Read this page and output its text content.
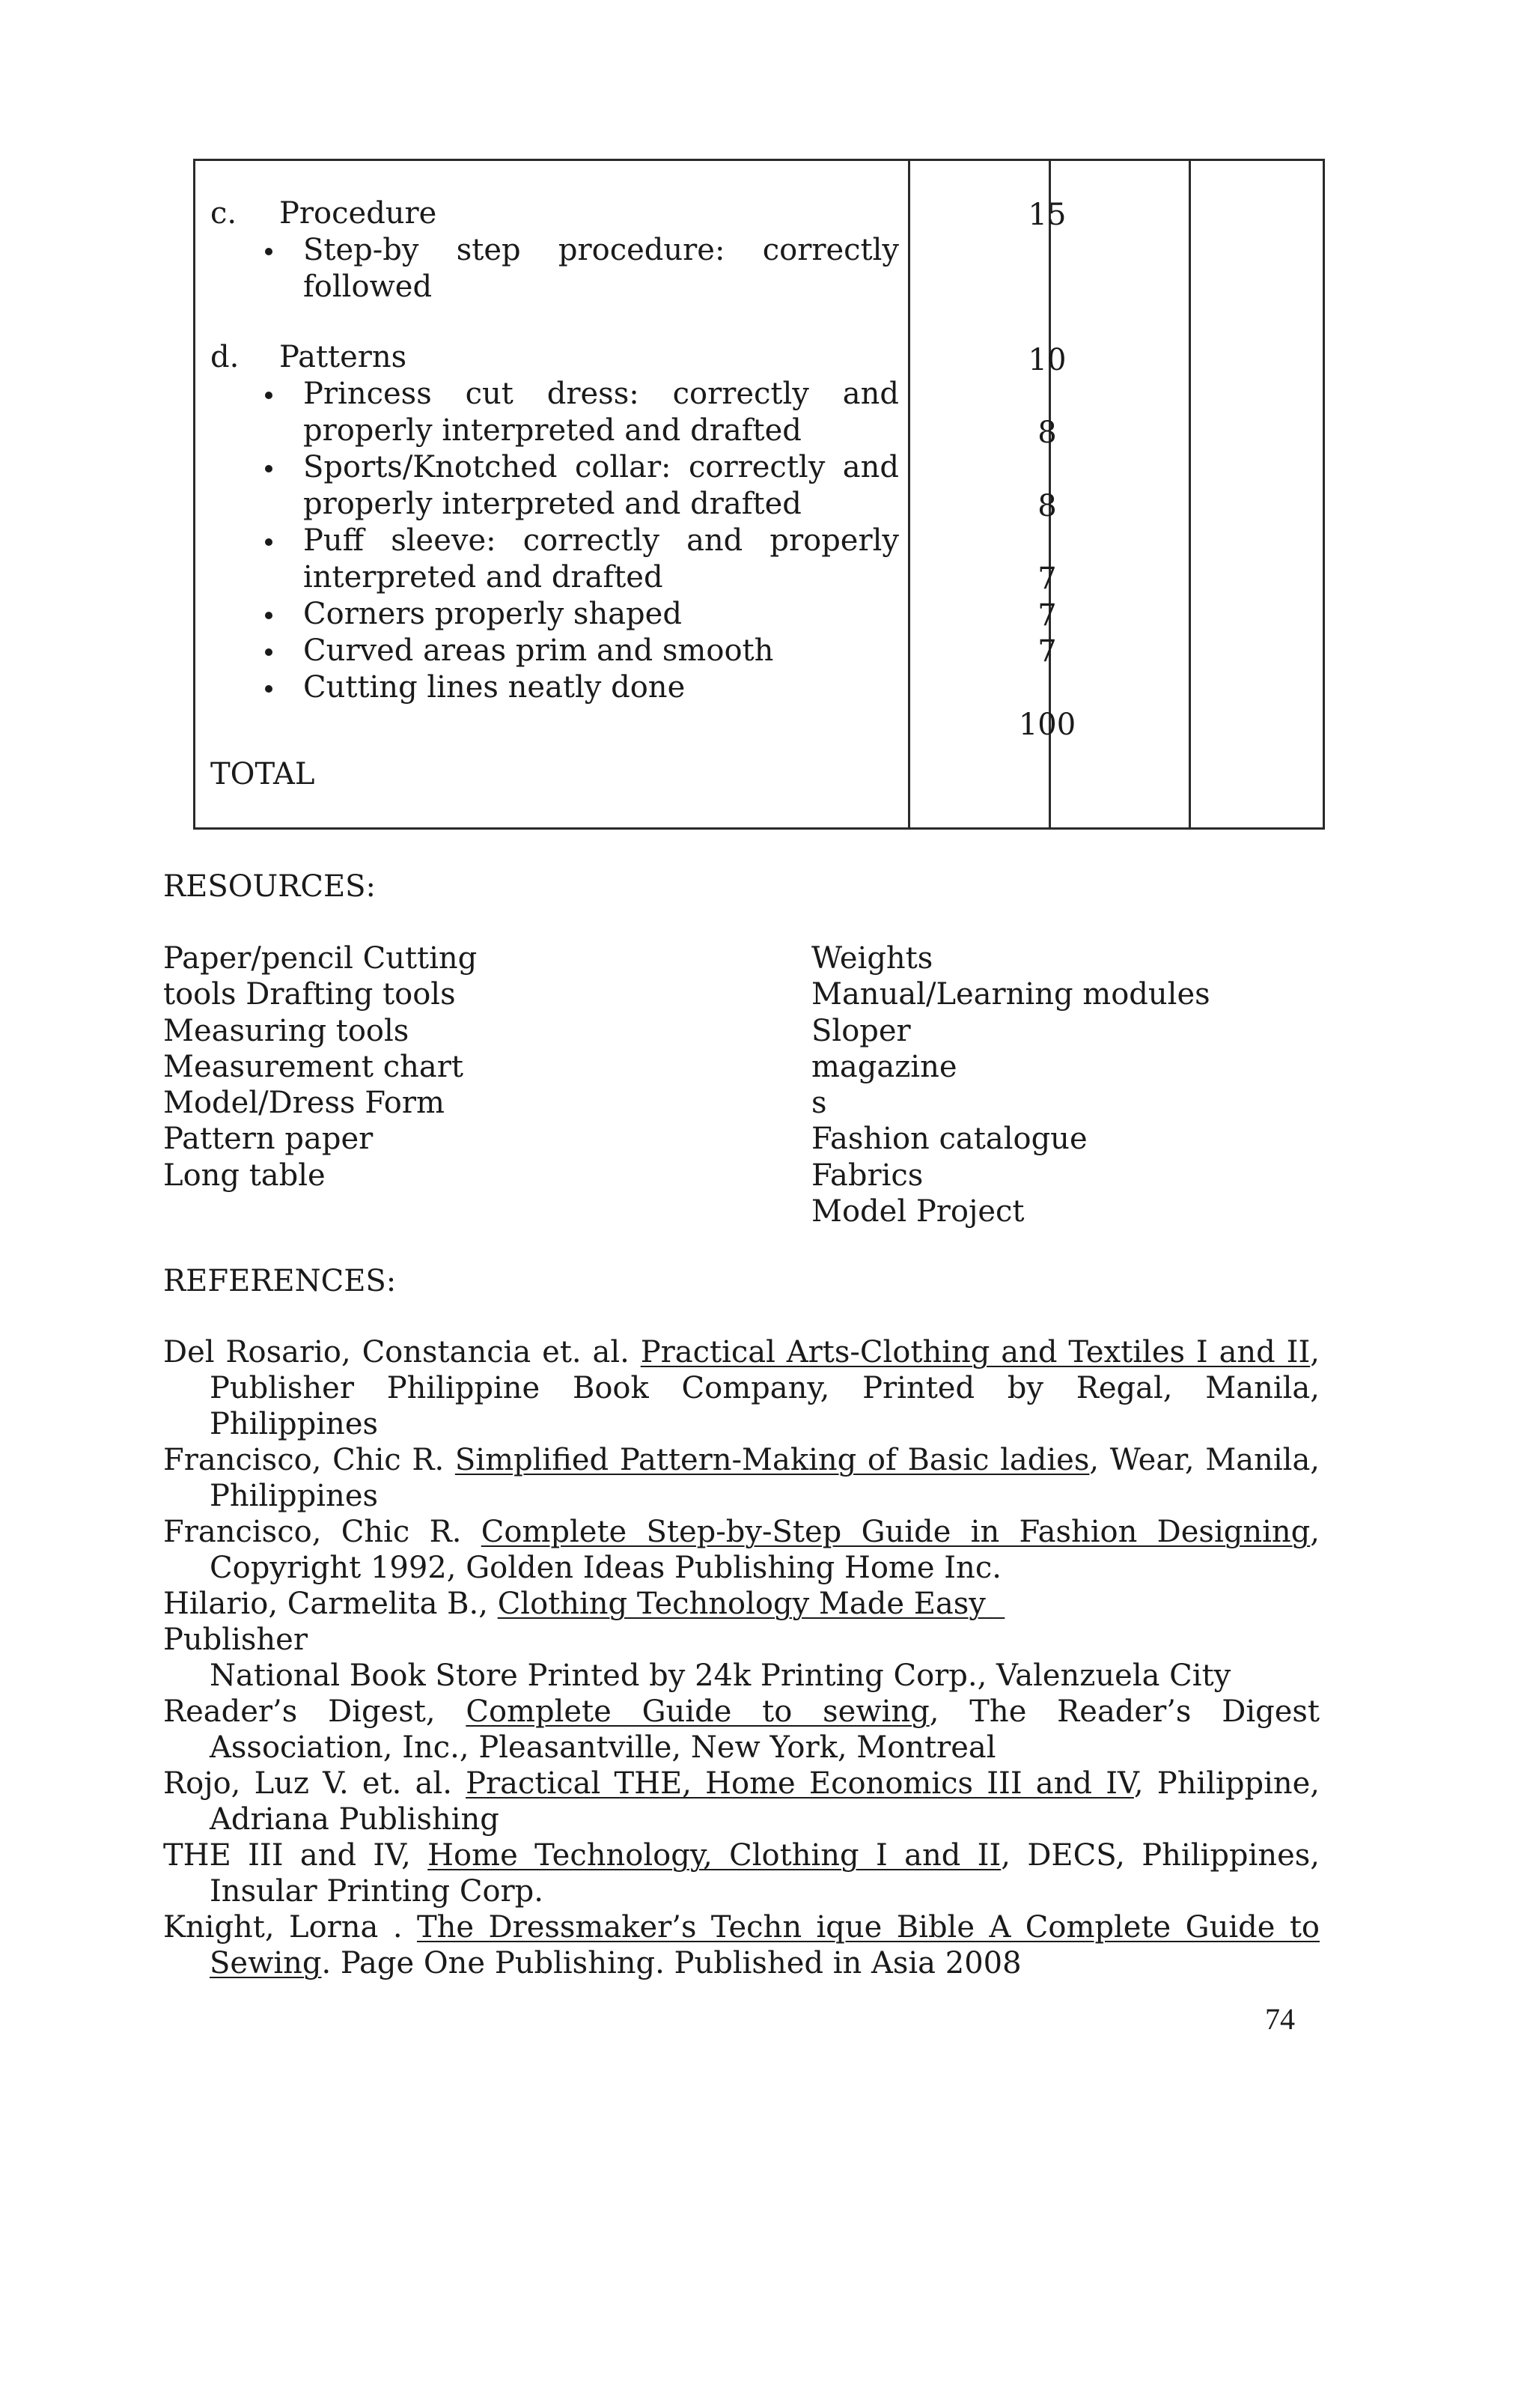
c.	Procedure
Step-by step procedure: correctly followed
d.	Patterns
Princess cut dress: correctly and properly interpreted and drafted
Sports/Knotched collar: correctly and properly interpreted and drafted
Puff sleeve: correctly and properly interpreted and drafted
Corners properly shaped
Curved areas prim and smooth
Cutting lines neatly done
TOTAL
15
10
8
8
7
7
7
100
RESOURCES:
Paper/pencil Cutting
tools Drafting tools
Measuring tools
Measurement chart
Model/Dress Form
Pattern paper
Long table
Weights
Manual/Learning modules
Sloper
magazine
s
Fashion catalogue
Fabrics
Model Project
REFERENCES:
Del Rosario, Constancia et. al. Practical Arts-Clothing and Textiles I and II, Publisher Philippine Book Company, Printed by Regal, Manila, Philippines
Francisco, Chic R. Simplified Pattern-Making of Basic ladies, Wear, Manila, Philippines
Francisco, Chic R. Complete Step-by-Step Guide in Fashion Designing, Copyright 1992, Golden Ideas Publishing Home Inc.
Hilario, Carmelita B., Clothing Technology Made Easy
Publisher
National Book Store Printed by 24k Printing Corp., Valenzuela City
Reader’s Digest, Complete Guide to sewing, The Reader’s Digest Association, Inc., Pleasantville, New York, Montreal
Rojo, Luz V. et. al. Practical THE, Home Economics III and IV, Philippine, Adriana Publishing
THE III and IV, Home Technology, Clothing I and II, DECS, Philippines, Insular Printing Corp.
Knight, Lorna . The Dressmaker’s Techn ique Bible A Complete Guide to Sewing. Page One Publishing. Published in Asia 2008
74
